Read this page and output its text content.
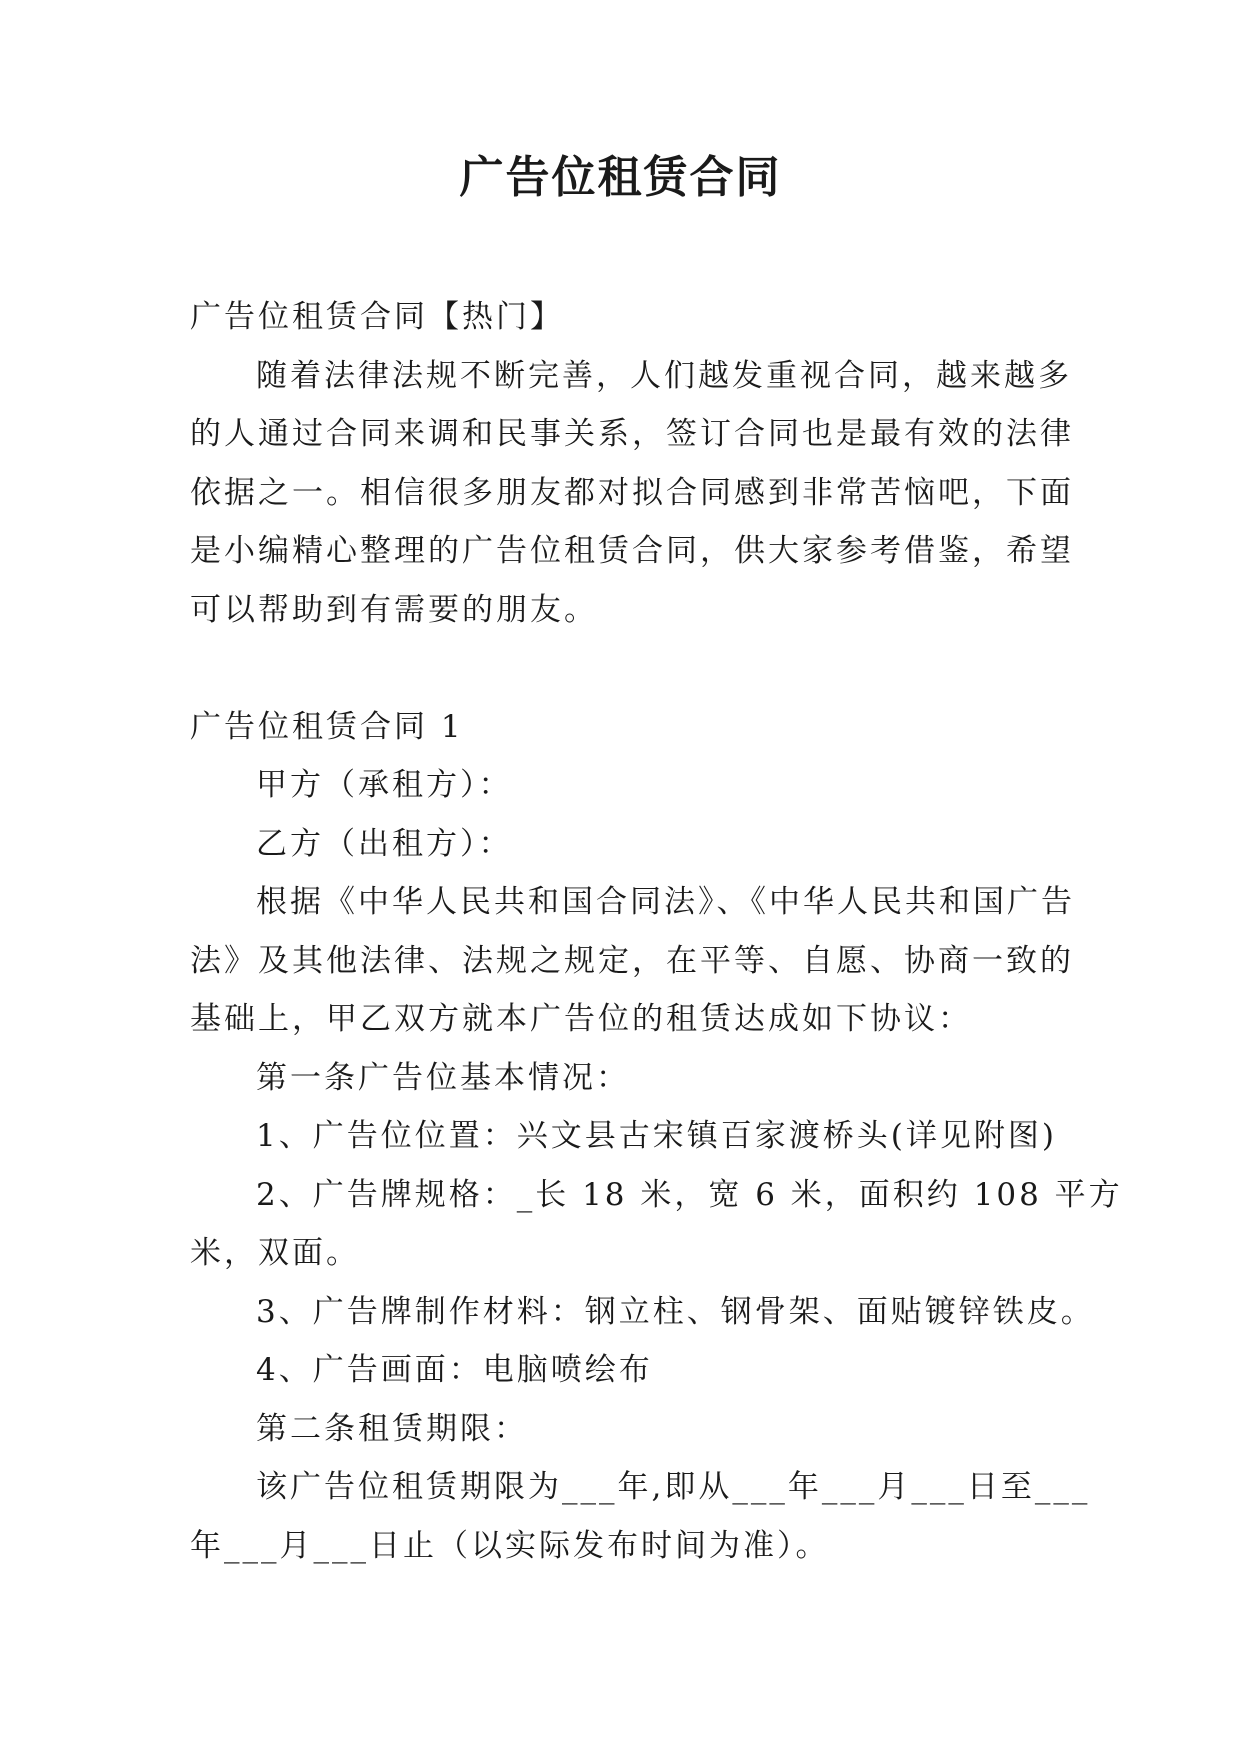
广告位租赁合同
广告位租赁合同【热门】
随着法律法规不断完善，人们越发重视合同，越来越多
的人通过合同来调和民事关系，签订合同也是最有效的法律
依据之一。相信很多朋友都对拟合同感到非常苦恼吧，下面
是小编精心整理的广告位租赁合同，供大家参考借鉴，希望
可以帮助到有需要的朋友。
广告位租赁合同 1
甲方（承租方）：
乙方（出租方）：
根据《中华人民共和国合同法》、《中华人民共和国广告
法》及其他法律、法规之规定，在平等、自愿、协商一致的
基础上，甲乙双方就本广告位的租赁达成如下协议：
第一条广告位基本情况：
1、广告位位置：兴文县古宋镇百家渡桥头(详见附图)
2、广告牌规格：_长 18 米，宽 6 米，面积约 108 平方
米，双面。
3、广告牌制作材料：钢立柱、钢骨架、面贴镀锌铁皮。
4、广告画面：电脑喷绘布
第二条租赁期限：
该广告位租赁期限为___年,即从___年___月___日至___
年___月___日止（以实际发布时间为准）。
